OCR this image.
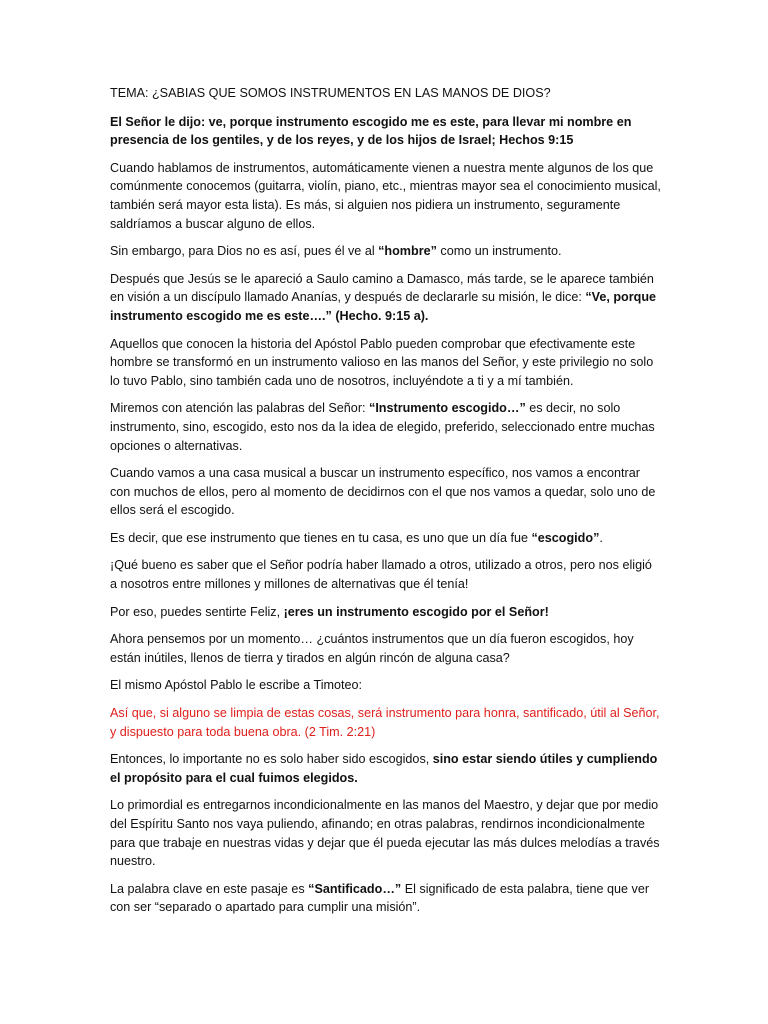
TEMA: ¿SABIAS QUE SOMOS INSTRUMENTOS EN LAS MANOS DE DIOS?

El Señor le dijo: ve, porque instrumento escogido me es este, para llevar mi nombre en presencia de los gentiles, y de los reyes, y de los hijos de Israel; Hechos 9:15

Cuando hablamos de instrumentos, automáticamente vienen a nuestra mente algunos de los que comúnmente conocemos (guitarra, violín, piano, etc., mientras mayor sea el conocimiento musical, también será mayor esta lista). Es más, si alguien nos pidiera un instrumento, seguramente saldríamos a buscar alguno de ellos.

Sin embargo, para Dios no es así, pues él ve al “hombre” como un instrumento.

Después que Jesús se le apareció a Saulo camino a Damasco, más tarde, se le aparece también en visión a un discípulo llamado Ananías, y después de declararle su misión, le dice: “Ve, porque instrumento escogido me es este….” (Hecho. 9:15 a).

Aquellos que conocen la historia del Apóstol Pablo pueden comprobar que efectivamente este hombre se transformó en un instrumento valioso en las manos del Señor, y este privilegio no solo lo tuvo Pablo, sino también cada uno de nosotros, incluyéndote a ti y a mí también.

Miremos con atención las palabras del Señor: “Instrumento escogido…” es decir, no solo instrumento, sino, escogido, esto nos da la idea de elegido, preferido, seleccionado entre muchas opciones o alternativas.

Cuando vamos a una casa musical a buscar un instrumento específico, nos vamos a encontrar con muchos de ellos, pero al momento de decidirnos con el que nos vamos a quedar, solo uno de ellos será el escogido.

Es decir, que ese instrumento que tienes en tu casa, es uno que un día fue “escogido”.

¡Qué bueno es saber que el Señor podría haber llamado a otros, utilizado a otros, pero nos eligió a nosotros entre millones y millones de alternativas que él tenía!

Por eso, puedes sentirte Feliz, ¡eres un instrumento escogido por el Señor!

Ahora pensemos por un momento… ¿cuántos instrumentos que un día fueron escogidos, hoy están inútiles, llenos de tierra y tirados en algún rincón de alguna casa?

El mismo Apóstol Pablo le escribe a Timoteo:

Así que, si alguno se limpia de estas cosas, será instrumento para honra, santificado, útil al Señor, y dispuesto para toda buena obra. (2 Tim. 2:21)

Entonces, lo importante no es solo haber sido escogidos, sino estar siendo útiles y cumpliendo el propósito para el cual fuimos elegidos.

Lo primordial es entregarnos incondicionalmente en las manos del Maestro, y dejar que por medio del Espíritu Santo nos vaya puliendo, afinando; en otras palabras, rendirnos incondicionalmente para que trabaje en nuestras vidas y dejar que él pueda ejecutar las más dulces melodías a través nuestro.

La palabra clave en este pasaje es “Santificado…” El significado de esta palabra, tiene que ver con ser “separado o apartado para cumplir una misión”.
